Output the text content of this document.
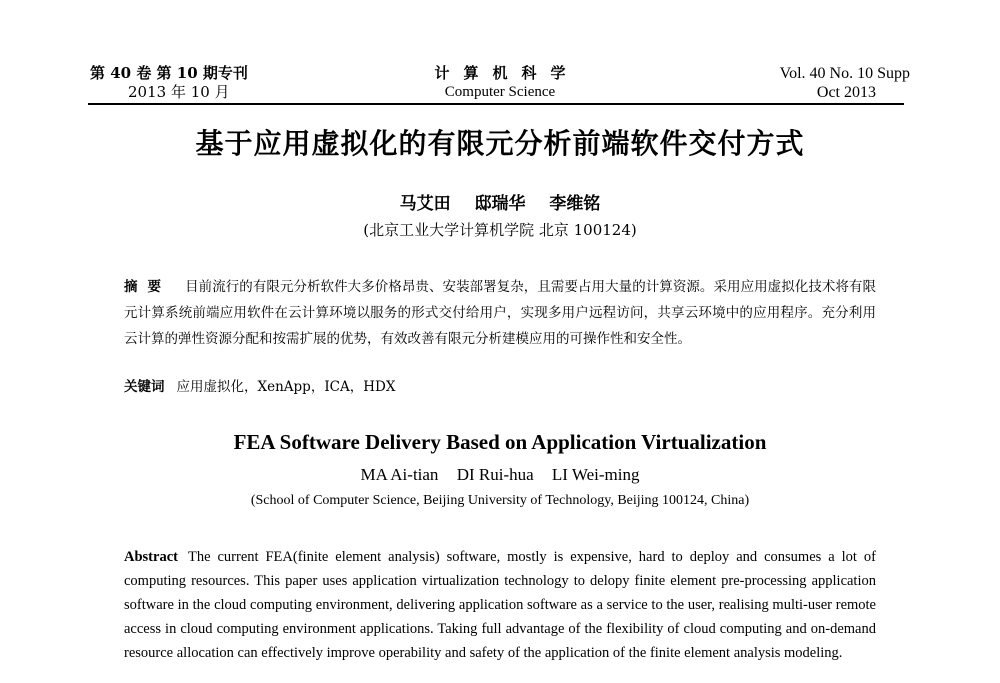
第 40 卷 第 10 期专刊
2013 年 10 月
计算机科学
Computer Science
Vol. 40 No. 10 Supp
Oct 2013
基于应用虚拟化的有限元分析前端软件交付方式
马艾田 邸瑞华 李维铭
(北京工业大学计算机学院 北京 100124)
摘要 目前流行的有限元分析软件大多价格昂贵、安装部署复杂，且需要占用大量的计算资源。采用应用虚拟化技术将有限元计算系统前端应用软件在云计算环境以服务的形式交付给用户，实现多用户远程访问，共享云环境中的应用程序。充分利用云计算的弹性资源分配和按需扩展的优势，有效改善有限元分析建模应用的可操作性和安全性。
关键词 应用虚拟化，XenApp，ICA，HDX
FEA Software Delivery Based on Application Virtualization
MA Ai-tian DI Rui-hua LI Wei-ming
(School of Computer Science, Beijing University of Technology, Beijing 100124, China)
Abstract The current FEA(finite element analysis) software, mostly is expensive, hard to deploy and consumes a lot of computing resources. This paper uses application virtualization technology to delopy finite element pre-processing application software in the cloud computing environment, delivering application software as a service to the user, realising multi-user remote access in cloud computing environment applications. Taking full advantage of the flexibility of cloud computing and on-demand resource allocation can effectively improve operability and safety of the application of the finite element analysis modeling.
